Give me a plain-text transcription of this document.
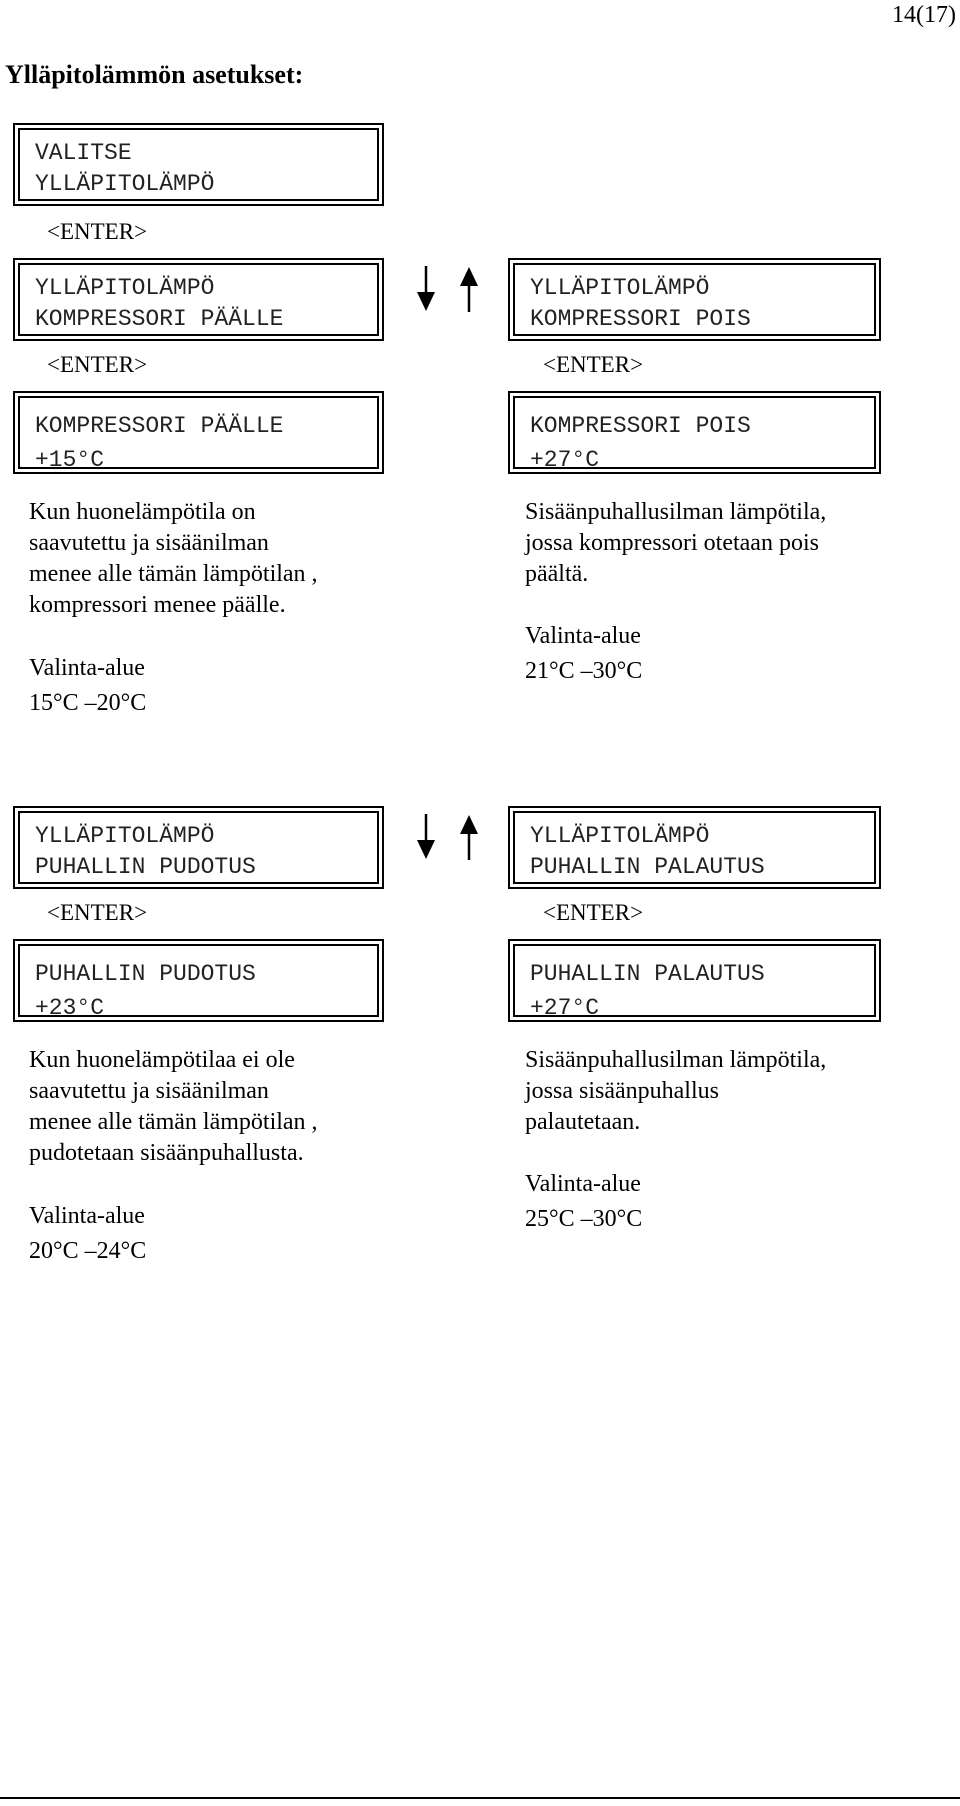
14(17)
Ylläpitolämmön asetukset:
VALITSE
YLLÄPITOLÄMPÖ
<ENTER>
YLLÄPITOLÄMPÖ
KOMPRESSORI PÄÄLLE
<ENTER>
KOMPRESSORI PÄÄLLE
+15°C
Kun huonelämpötila on
saavutettu ja sisäänilman
menee alle tämän lämpötilan ,
kompressori menee päälle.
Valinta-alue
15°C –20°C
YLLÄPITOLÄMPÖ
KOMPRESSORI POIS
<ENTER>
KOMPRESSORI POIS
+27°C
Sisäänpuhallusilman lämpötila,
jossa kompressori otetaan pois
päältä.
Valinta-alue
21°C –30°C
YLLÄPITOLÄMPÖ
PUHALLIN PUDOTUS
<ENTER>
PUHALLIN PUDOTUS
+23°C
Kun huonelämpötilaa ei ole
saavutettu ja sisäänilman
menee alle tämän lämpötilan ,
pudotetaan sisäänpuhallusta.
Valinta-alue
20°C –24°C
YLLÄPITOLÄMPÖ
PUHALLIN PALAUTUS
<ENTER>
PUHALLIN PALAUTUS
+27°C
Sisäänpuhallusilman lämpötila,
jossa sisäänpuhallus
palautetaan.
Valinta-alue
25°C –30°C
